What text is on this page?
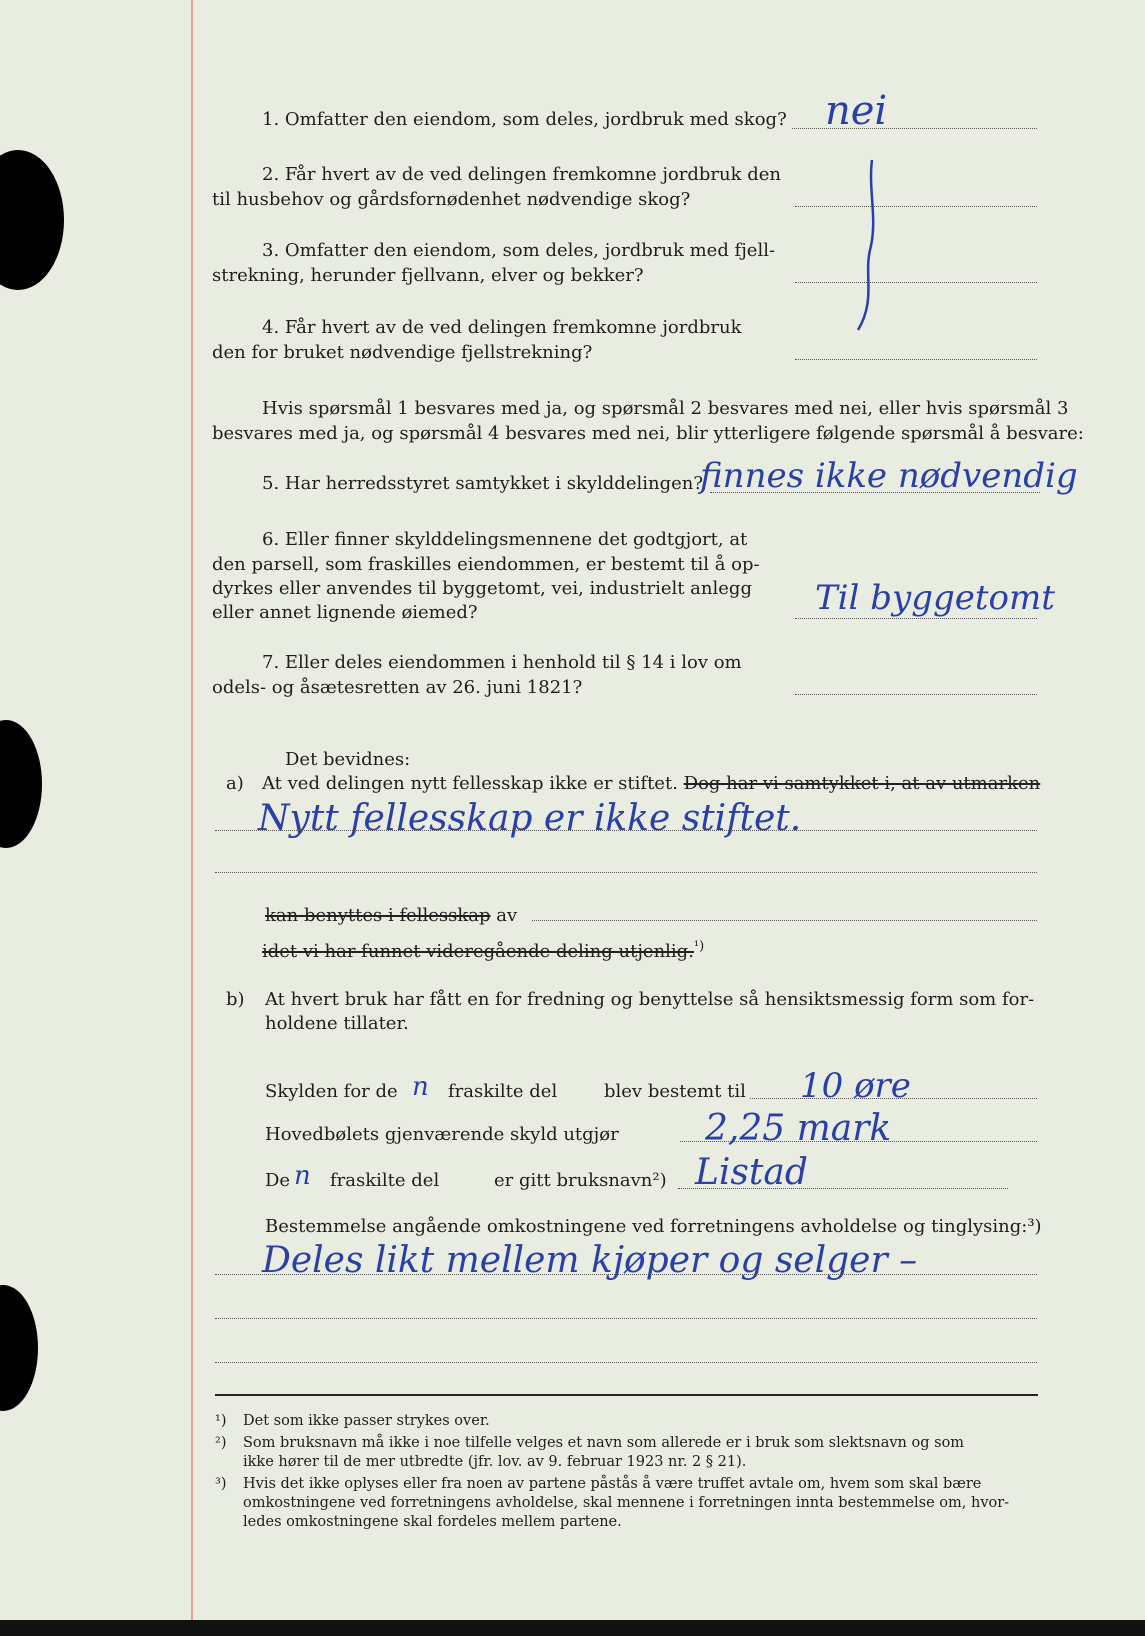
1. Omfatter den eiendom, som deles, jordbruk med skog? nei
2. Får hvert av de ved delingen fremkomne jordbruk den
til husbehov og gårdsfornødenhet nødvendige skog?
3. Omfatter den eiendom, som deles, jordbruk med fjell-
strekning, herunder fjellvann, elver og bekker?
4. Får hvert av de ved delingen fremkomne jordbruk
den for bruket nødvendige fjellstrekning?
Hvis spørsmål 1 besvares med ja, og spørsmål 2 besvares med nei, eller hvis spørsmål 3
besvares med ja, og spørsmål 4 besvares med nei, blir ytterligere følgende spørsmål å besvare:
5. Har herredsstyret samtykket i skylddelingen?
finnes ikke nødvendig
6. Eller finner skylddelingsmennene det godtgjort, at
den parsell, som fraskilles eiendommen, er bestemt til å op-
dyrkes eller anvendes til byggetomt, vei, industrielt anlegg
eller annet lignende øiemed?	Til byggetomt
7. Eller deles eiendommen i henhold til § 14 i lov om
odels- og åsætesretten av 26. juni 1821?
Det bevidnes:
a) At ved delingen nytt fellesskap ikke er stiftet. Dog har vi samtykket i, at av utmarken
Nytt fellesskap er ikke stiftet.
kan benyttes i fellesskap av
idet vi har funnet videregående deling utjenlig.$^{^1)}$
b) At hvert bruk har fått en for fredning og benyttelse så hensiktsmessig form som for-
holdene tillater.
Skylden for de n fraskilte del	blev bestemt til 10 øre
Hovedbølets gjenværende skyld utgjør 2,25 mark
De n fraskilte del	er gitt bruksnavn²) Listad
Bestemmelse angående omkostningene ved forretningens avholdelse og tinglysing:³)
Deles likt mellem kjøper og selger –
¹) Det som ikke passer strykes over.
²) Som bruksnavn må ikke i noe tilfelle velges et navn som allerede er i bruk som slektsnavn og som
ikke hører til de mer utbredte (jfr. lov. av 9. februar 1923 nr. 2 § 21).
³) Hvis det ikke oplyses eller fra noen av partene påstås å være truffet avtale om, hvem som skal bære
omkostningene ved forretningens avholdelse, skal mennene i forretningen innta bestemmelse om, hvor-
ledes omkostningene skal fordeles mellem partene.
